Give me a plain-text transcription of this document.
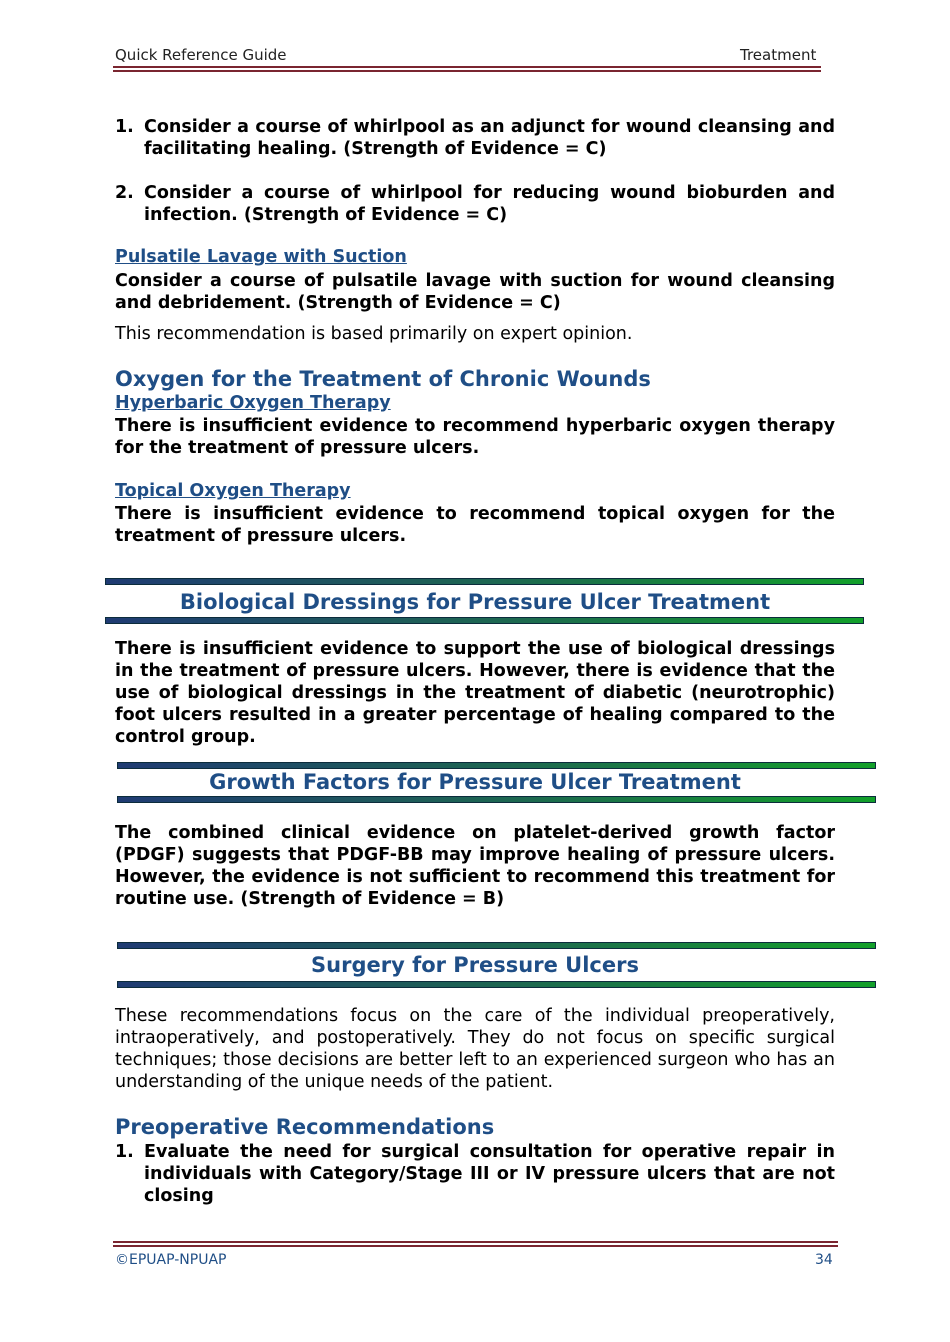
Quick Reference Guide	Treatment
1. Consider a course of whirlpool as an adjunct for wound cleansing and facilitating healing. (Strength of Evidence = C)
2. Consider a course of whirlpool for reducing wound bioburden and infection. (Strength of Evidence = C)
Pulsatile Lavage with Suction
Consider a course of pulsatile lavage with suction for wound cleansing and debridement. (Strength of Evidence = C)
This recommendation is based primarily on expert opinion.
Oxygen for the Treatment of Chronic Wounds
Hyperbaric Oxygen Therapy
There is insufficient evidence to recommend hyperbaric oxygen therapy for the treatment of pressure ulcers.
Topical Oxygen Therapy
There is insufficient evidence to recommend topical oxygen for the treatment of pressure ulcers.
Biological Dressings for Pressure Ulcer Treatment
There is insufficient evidence to support the use of biological dressings in the treatment of pressure ulcers. However, there is evidence that the use of biological dressings in the treatment of diabetic (neurotrophic) foot ulcers resulted in a greater percentage of healing compared to the control group.
Growth Factors for Pressure Ulcer Treatment
The combined clinical evidence on platelet-derived growth factor (PDGF) suggests that PDGF-BB may improve healing of pressure ulcers. However, the evidence is not sufficient to recommend this treatment for routine use. (Strength of Evidence = B)
Surgery for Pressure Ulcers
These recommendations focus on the care of the individual preoperatively, intraoperatively, and postoperatively. They do not focus on specific surgical techniques; those decisions are better left to an experienced surgeon who has an understanding of the unique needs of the patient.
Preoperative Recommendations
1. Evaluate the need for surgical consultation for operative repair in individuals with Category/Stage III or IV pressure ulcers that are not closing
©EPUAP-NPUAP	34
